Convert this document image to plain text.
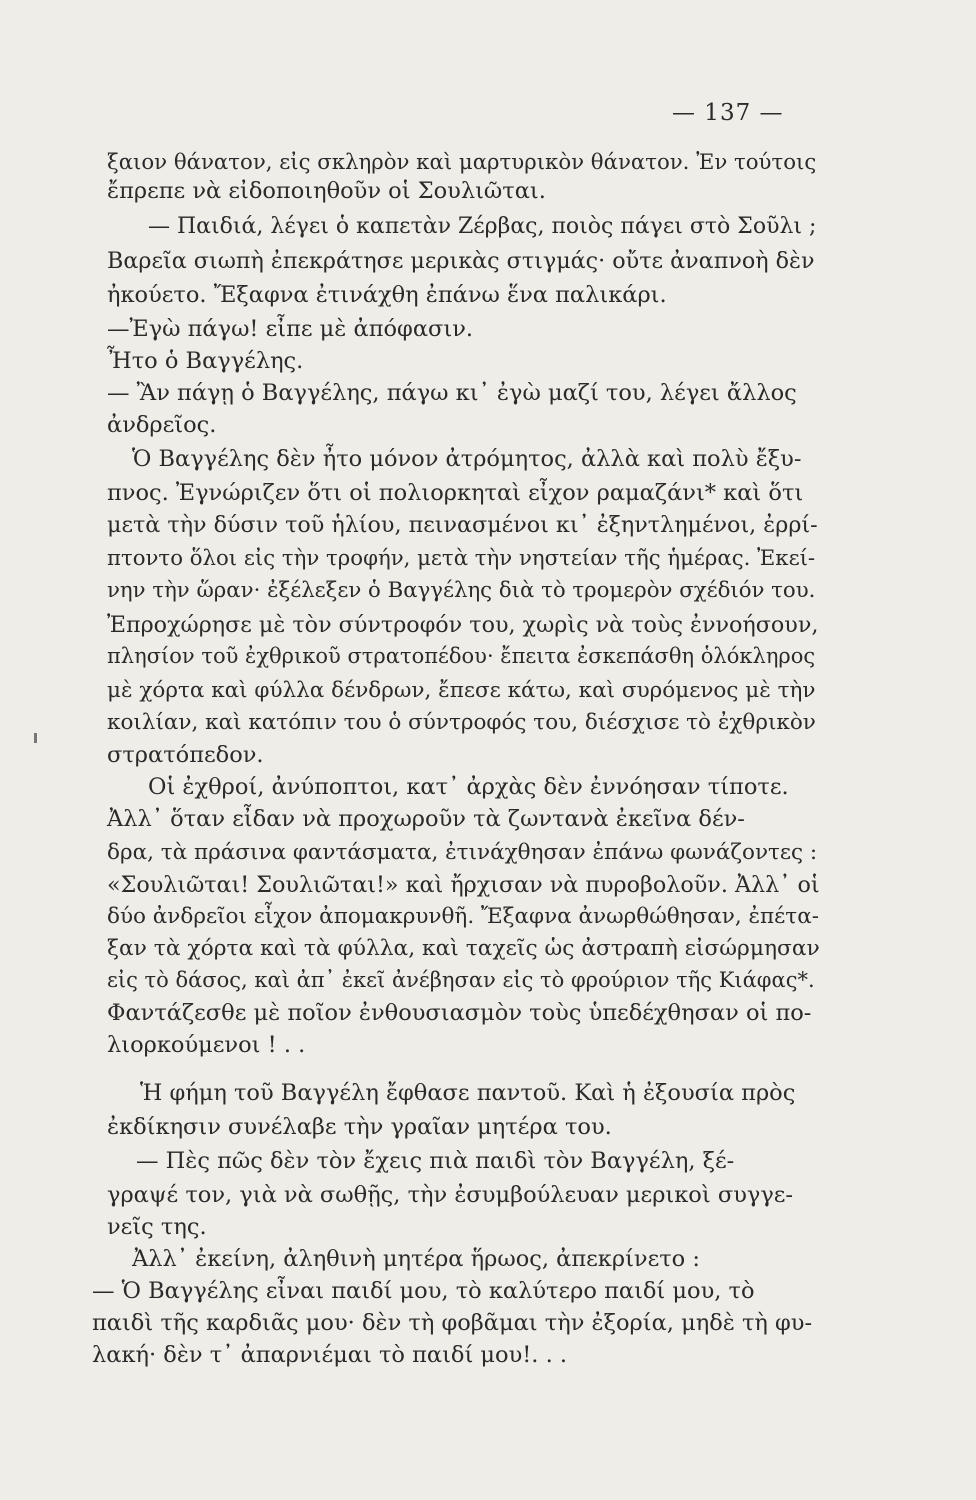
— 137 —
ξαιον θάνατον, εἰς σκληρὸν καὶ μαρτυρικὸν θάνατον. Ἐν τούτοις
ἔπρεπε νὰ εἰδοποιηθοῦν οἱ Σουλιῶται.
— Παιδιά, λέγει ὁ καπετὰν Ζέρβας, ποιὸς πάγει στὸ Σοῦλι ;
Βαρεῖα σιωπὴ ἐπεκράτησε μερικὰς στιγμάς· οὔτε ἀναπνοὴ δὲν
ἠκούετο. Ἔξαφνα ἐτινάχθη ἐπάνω ἕνα παλικάρι.
—Ἐγὼ πάγω! εἶπε μὲ ἀπόφασιν.
Ἦτο ὁ Βαγγέλης.
— Ἂν πάγῃ ὁ Βαγγέλης, πάγω κι᾿ ἐγὼ μαζί του, λέγει ἄλλος
ἀνδρεῖος.
Ὁ Βαγγέλης δὲν ἦτο μόνον ἀτρόμητος, ἀλλὰ καὶ πολὺ ἔξυ-
πνος. Ἐγνώριζεν ὅτι οἱ πολιορκηταὶ εἶχον ραμαζάνι* καὶ ὅτι
μετὰ τὴν δύσιν τοῦ ἡλίου, πεινασμένοι κι᾿ ἐξηντλημένοι, ἐρρί-
πτοντο ὅλοι εἰς τὴν τροφήν, μετὰ τὴν νηστείαν τῆς ἡμέρας. Ἐκεί-
νην τὴν ὥραν· ἐξέλεξεν ὁ Βαγγέλης διὰ τὸ τρομερὸν σχέδιόν του.
Ἐπροχώρησε μὲ τὸν σύντροφόν του, χωρὶς νὰ τοὺς ἐννοήσουν,
πλησίον τοῦ ἐχθρικοῦ στρατοπέδου· ἔπειτα ἐσκεπάσθη ὁλόκληρος
μὲ χόρτα καὶ φύλλα δένδρων, ἔπεσε κάτω, καὶ συρόμενος μὲ τὴν
κοιλίαν, καὶ κατόπιν του ὁ σύντροφός του, διέσχισε τὸ ἐχθρικὸν
στρατόπεδον.
Οἱ ἐχθροί, ἀνύποπτοι, κατ᾿ ἀρχὰς δὲν ἐννόησαν τίποτε.
Ἀλλ᾿ ὅταν εἶδαν νὰ προχωροῦν τὰ ζωντανὰ ἐκεῖνα δέν-
δρα, τὰ πράσινα φαντάσματα, ἐτινάχθησαν ἐπάνω φωνάζοντες :
«Σουλιῶται! Σουλιῶται!» καὶ ἤρχισαν νὰ πυροβολοῦν. Ἀλλ᾿ οἱ
δύο ἀνδρεῖοι εἶχον ἀπομακρυνθῆ. Ἔξαφνα ἀνωρθώθησαν, ἐπέτα-
ξαν τὰ χόρτα καὶ τὰ φύλλα, καὶ ταχεῖς ὡς ἀστραπὴ εἰσώρμησαν
εἰς τὸ δάσος, καὶ ἀπ᾿ ἐκεῖ ἀνέβησαν εἰς τὸ φρούριον τῆς Κιάφας*.
Φαντάζεσθε μὲ ποῖον ἐνθουσιασμὸν τοὺς ὑπεδέχθησαν οἱ πο-
λιορκούμενοι ! . .
Ἡ φήμη τοῦ Βαγγέλη ἔφθασε παντοῦ. Καὶ ἡ ἐξουσία πρὸς
ἐκδίκησιν συνέλαβε τὴν γραῖαν μητέρα του.
— Πὲς πῶς δὲν τὸν ἔχεις πιὰ παιδὶ τὸν Βαγγέλη, ξέ-
γραψέ τον, γιὰ νὰ σωθῇς, τὴν ἐσυμβούλευαν μερικοὶ συγγε-
νεῖς της.
Ἀλλ᾿ ἐκείνη, ἀληθινὴ μητέρα ἥρωος, ἀπεκρίνετο :
— Ὁ Βαγγέλης εἶναι παιδί μου, τὸ καλύτερο παιδί μου, τὸ
παιδὶ τῆς καρδιᾶς μου· δὲν τὴ φοβᾶμαι τὴν ἐξορία, μηδὲ τὴ φυ-
λακή· δὲν τ᾿ ἀπαρνιέμαι τὸ παιδί μου!. . .
